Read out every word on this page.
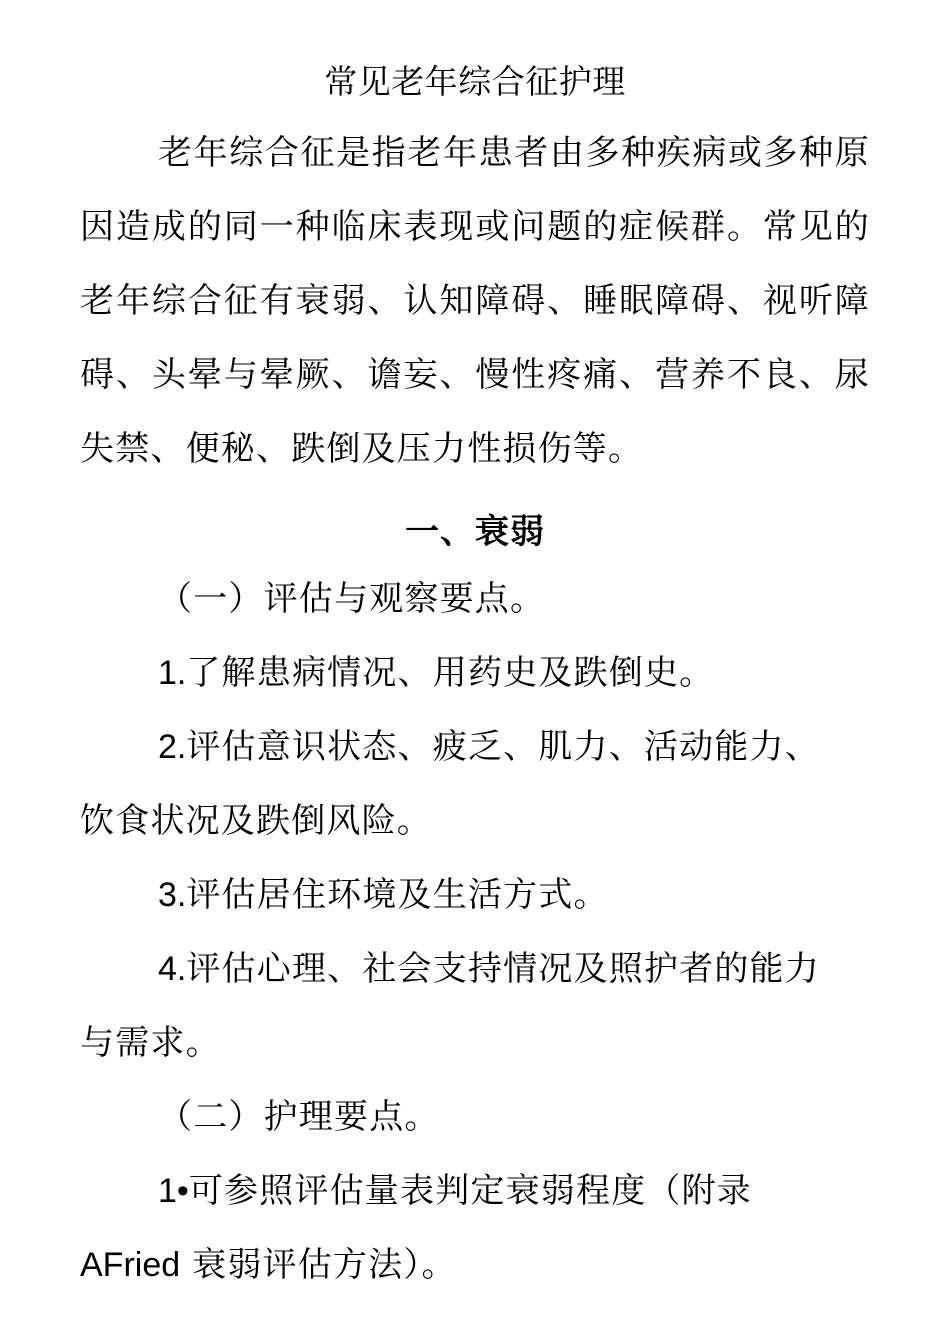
常见老年综合征护理
老年综合征是指老年患者由多种疾病或多种原因造成的同一种临床表现或问题的症候群。常见的老年综合征有衰弱、认知障碍、睡眠障碍、视听障碍、头晕与晕厥、谵妄、慢性疼痛、营养不良、尿失禁、便秘、跌倒及压力性损伤等。
一、衰弱
（一）评估与观察要点。
1.了解患病情况、用药史及跌倒史。
2.评估意识状态、疲乏、肌力、活动能力、
饮食状况及跌倒风险。
3.评估居住环境及生活方式。
4.评估心理、社会支持情况及照护者的能力
与需求。
（二）护理要点。
1•可参照评估量表判定衰弱程度（附录
AFried 衰弱评估方法）。
